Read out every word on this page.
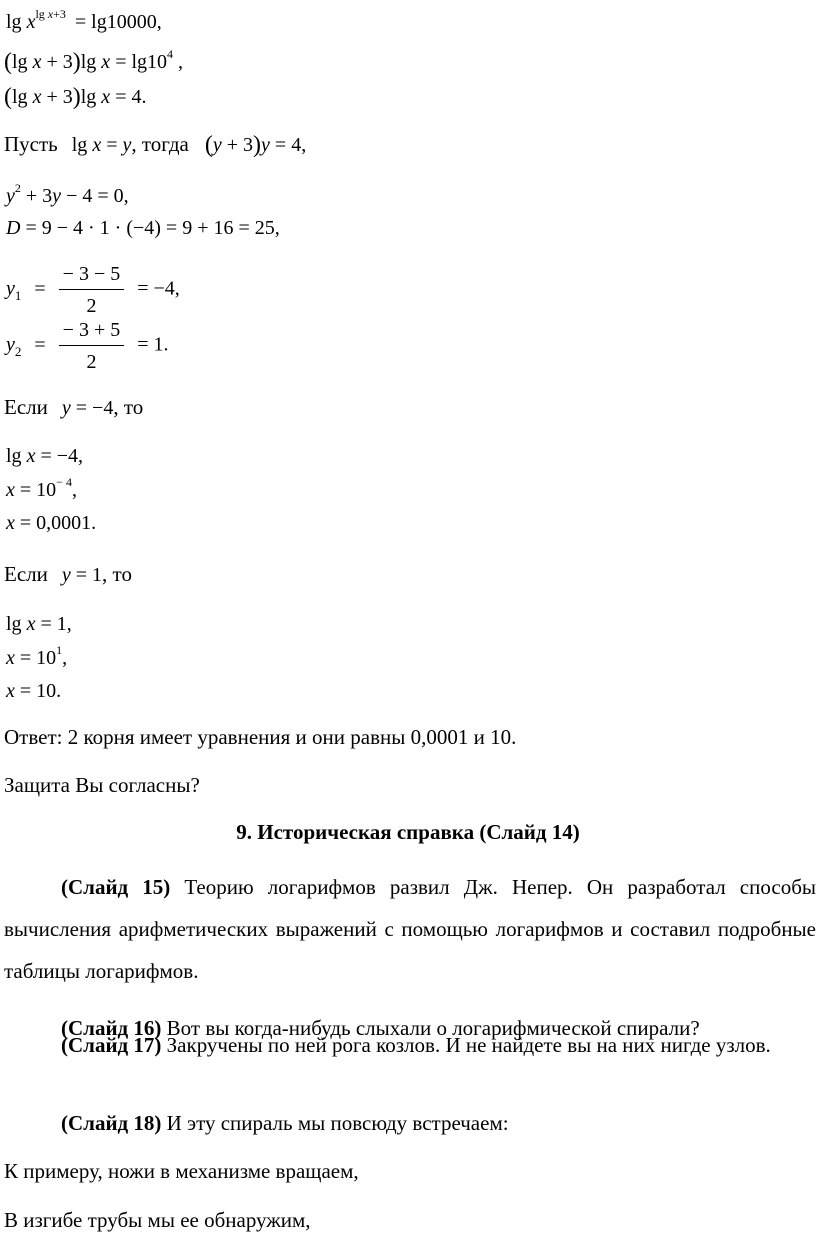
$\lg x^{lg x+3} = \lg 10000$,
(lg x + 3)lg $x = \lg 10^4$ ,
(lg x + 3)lg x = 4.
Пусть lg x = y, тогда (y + 3)y = 4,
$y^2 + 3y - 4 = 0$,
D = 9 − 4 · 1 · (−4) = 9 + 16 = 25,
$y_1 = \frac{- 3 - 5}{2} = -4$,
$y_2 = \frac{- 3 + 5}{2} = 1$.
Если y = −4, то
lg x = −4,
$x = 10^{- 4}$,
x = 0,0001.
Если y = 1, то
lg x = 1,
$x = 10^1$,
x = 10.
Ответ: 2 корня имеет уравнения и они равны 0,0001 и 10.
Защита Вы согласны?
9. Историческая справка (Слайд 14)
(Слайд 15) Теорию логарифмов развил Дж. Непер. Он разработал способы вычисления арифметических выражений с помощью логарифмов и составил подробные таблицы логарифмов.
(Слайд 16) Вот вы когда-нибудь слыхали о логарифмической спирали?
(Слайд 17) Закручены по ней рога козлов. И не найдете вы на них нигде узлов.
(Слайд 18) И эту спираль мы повсюду встречаем:
К примеру, ножи в механизме вращаем,
В изгибе трубы мы ее обнаружим,
